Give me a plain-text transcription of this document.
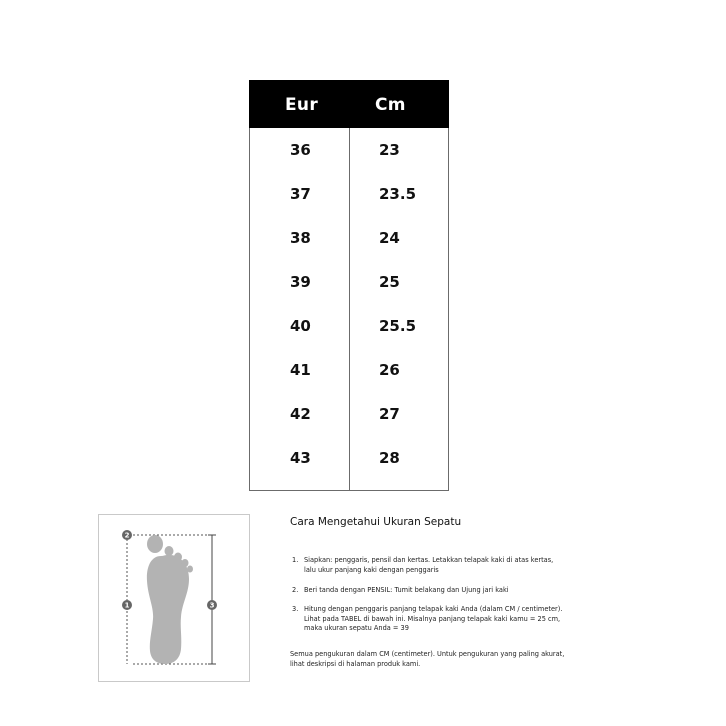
Eur	Cm
36	23
37	23.5
38	24
39	25
40	25.5
41	26
42	27
43	28
2
1	3
Cara Mengetahui Ukuran Sepatu
1. Siapkan: penggaris, pensil dan kertas. Letakkan telapak kaki di atas kertas,
lalu ukur panjang kaki dengan penggaris
2. Beri tanda dengan PENSIL: Tumit belakang dan Ujung jari kaki
3. Hitung dengan penggaris panjang telapak kaki Anda (dalam CM / centimeter).
Lihat pada TABEL di bawah ini. Misalnya panjang telapak kaki kamu = 25 cm,
maka ukuran sepatu Anda = 39
Semua pengukuran dalam CM (centimeter). Untuk pengukuran yang paling akurat,
lihat deskripsi di halaman produk kami.
